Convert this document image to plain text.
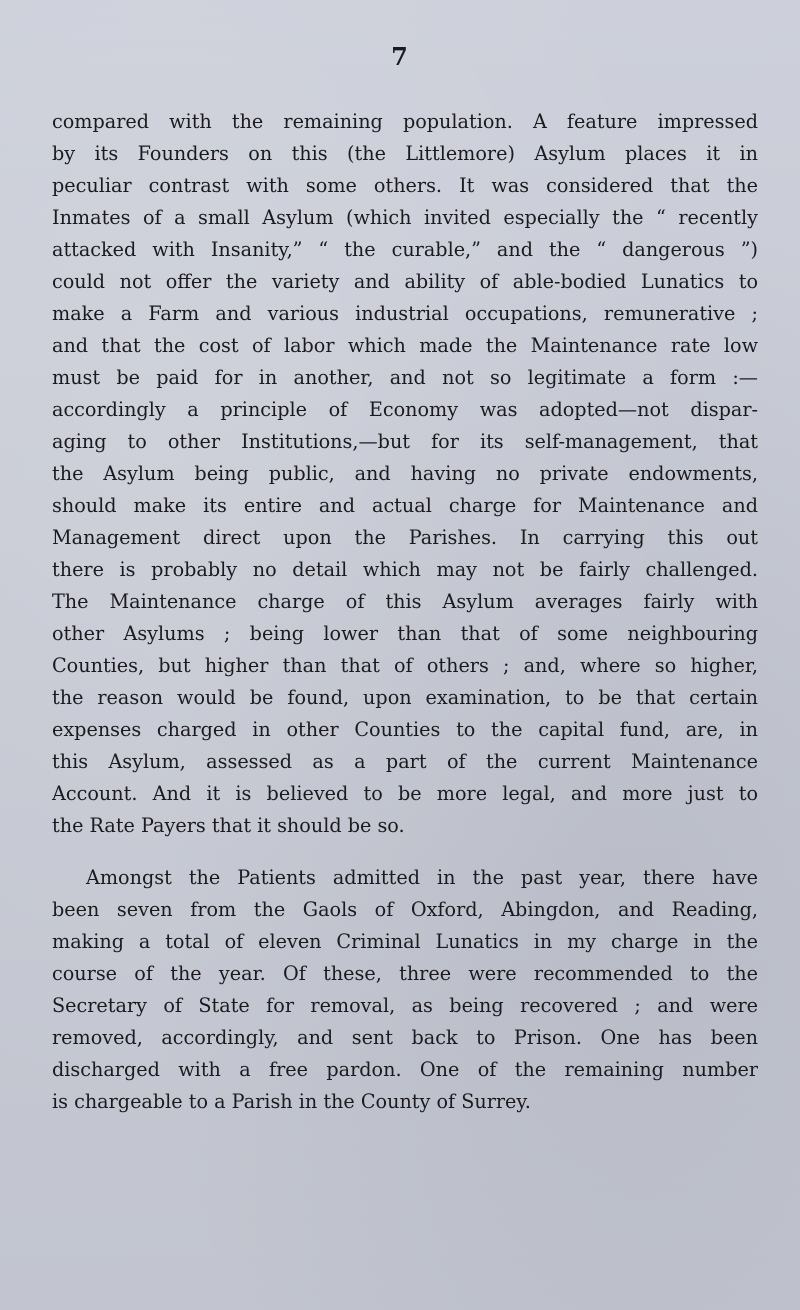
7
compared with the remaining population. A feature impressed
by its Founders on this (the Littlemore) Asylum places it in
peculiar contrast with some others. It was considered that the
Inmates of a small Asylum (which invited especially the “ recently
attacked with Insanity,” “ the curable,” and the “ dangerous ”)
could not offer the variety and ability of able-bodied Lunatics to
make a Farm and various industrial occupations, remunerative ;
and that the cost of labor which made the Maintenance rate low
must be paid for in another, and not so legitimate a form :—
accordingly a principle of Economy was adopted—not dispar-
aging to other Institutions,—but for its self-management, that
the Asylum being public, and having no private endowments,
should make its entire and actual charge for Maintenance and
Management direct upon the Parishes. In carrying this out
there is probably no detail which may not be fairly challenged.
The Maintenance charge of this Asylum averages fairly with
other Asylums ; being lower than that of some neighbouring
Counties, but higher than that of others ; and, where so higher,
the reason would be found, upon examination, to be that certain
expenses charged in other Counties to the capital fund, are, in
this Asylum, assessed as a part of the current Maintenance
Account. And it is believed to be more legal, and more just to
the Rate Payers that it should be so.
Amongst the Patients admitted in the past year, there have
been seven from the Gaols of Oxford, Abingdon, and Reading,
making a total of eleven Criminal Lunatics in my charge in the
course of the year. Of these, three were recommended to the
Secretary of State for removal, as being recovered ; and were
removed, accordingly, and sent back to Prison. One has been
discharged with a free pardon. One of the remaining number
is chargeable to a Parish in the County of Surrey.
